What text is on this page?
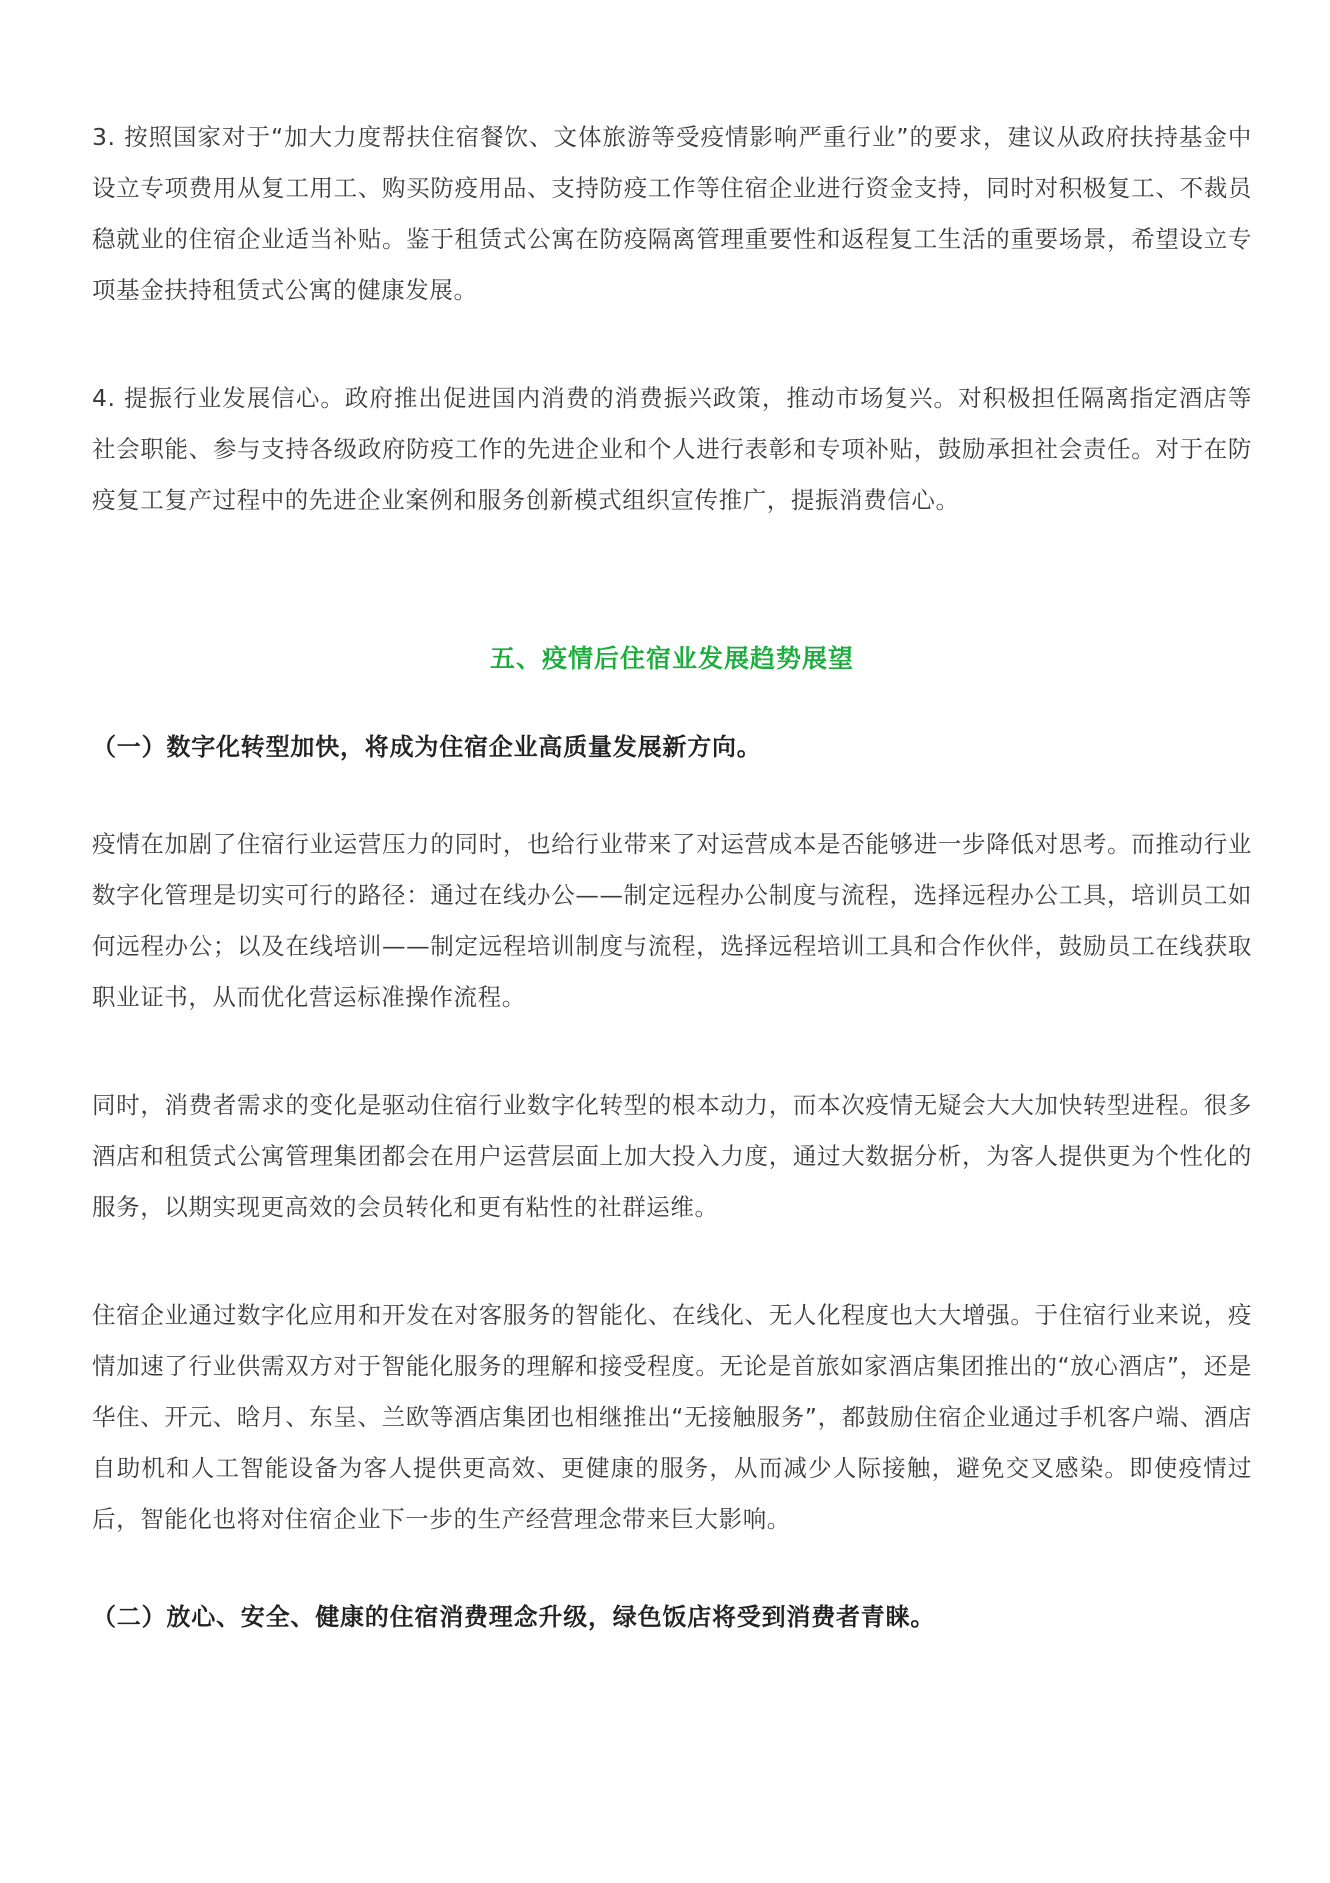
3. 按照国家对于“加大力度帮扶住宿餐饮、文体旅游等受疫情影响严重行业”的要求，建议从政府扶持基金中设立专项费用从复工用工、购买防疫用品、支持防疫工作等住宿企业进行资金支持，同时对积极复工、不裁员稳就业的住宿企业适当补贴。鉴于租赁式公寓在防疫隔离管理重要性和返程复工生活的重要场景，希望设立专项基金扶持租赁式公寓的健康发展。

4. 提振行业发展信心。政府推出促进国内消费的消费振兴政策，推动市场复兴。对积极担任隔离指定酒店等社会职能、参与支持各级政府防疫工作的先进企业和个人进行表彰和专项补贴，鼓励承担社会责任。对于在防疫复工复产过程中的先进企业案例和服务创新模式组织宣传推广，提振消费信心。

五、疫情后住宿业发展趋势展望
（一）数字化转型加快，将成为住宿企业高质量发展新方向。

疫情在加剧了住宿行业运营压力的同时，也给行业带来了对运营成本是否能够进一步降低对思考。而推动行业数字化管理是切实可行的路径：通过在线办公——制定远程办公制度与流程，选择远程办公工具，培训员工如何远程办公；以及在线培训——制定远程培训制度与流程，选择远程培训工具和合作伙伴，鼓励员工在线获取职业证书，从而优化营运标准操作流程。

同时，消费者需求的变化是驱动住宿行业数字化转型的根本动力，而本次疫情无疑会大大加快转型进程。很多酒店和租赁式公寓管理集团都会在用户运营层面上加大投入力度，通过大数据分析，为客人提供更为个性化的服务，以期实现更高效的会员转化和更有粘性的社群运维。

住宿企业通过数字化应用和开发在对客服务的智能化、在线化、无人化程度也大大增强。于住宿行业来说，疫情加速了行业供需双方对于智能化服务的理解和接受程度。无论是首旅如家酒店集团推出的“放心酒店”，还是华住、开元、晗月、东呈、兰欧等酒店集团也相继推出“无接触服务”，都鼓励住宿企业通过手机客户端、酒店自助机和人工智能设备为客人提供更高效、更健康的服务，从而减少人际接触，避免交叉感染。即使疫情过后，智能化也将对住宿企业下一步的生产经营理念带来巨大影响。

（二）放心、安全、健康的住宿消费理念升级，绿色饭店将受到消费者青睐。
